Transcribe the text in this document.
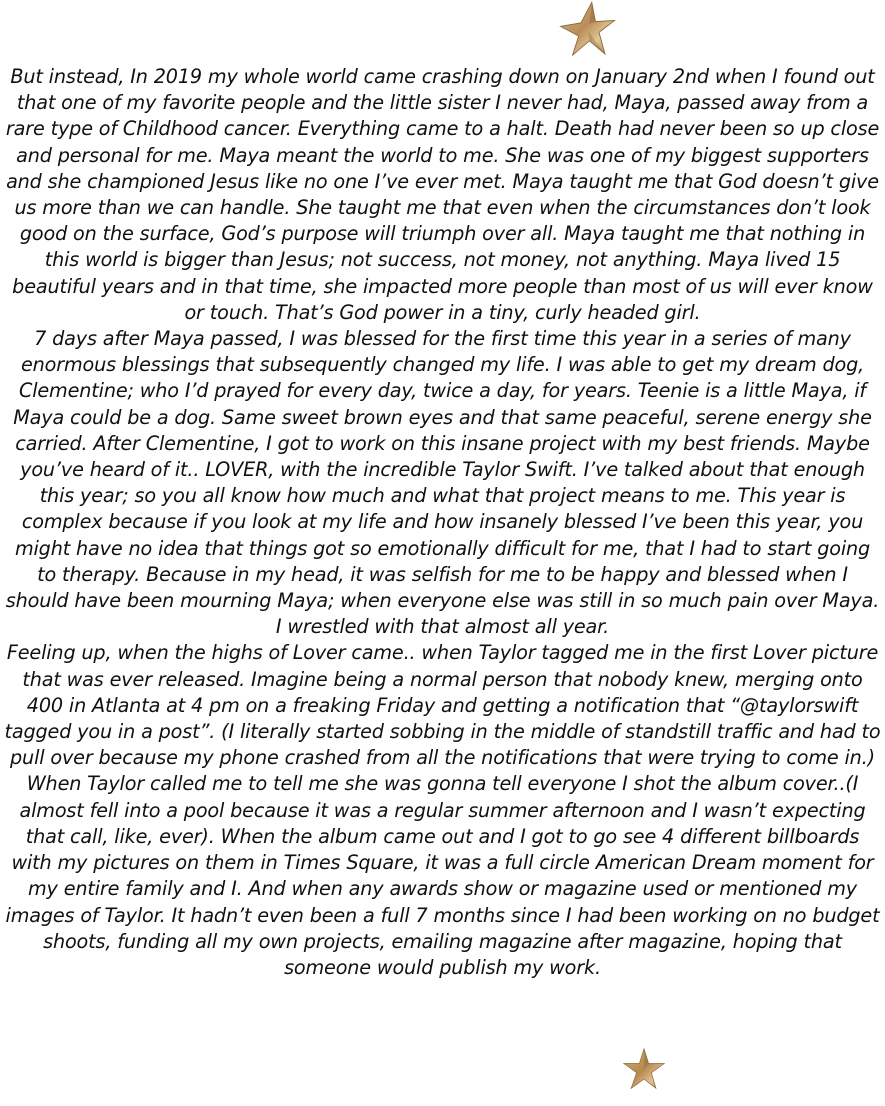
But instead, In 2019 my whole world came crashing down on January 2nd when I found out that one of my favorite people and the little sister I never had, Maya, passed away from a rare type of Childhood cancer. Everything came to a halt. Death had never been so up close and personal for me. Maya meant the world to me. She was one of my biggest supporters and she championed Jesus like no one I’ve ever met. Maya taught me that God doesn’t give us more than we can handle. She taught me that even when the circumstances don’t look good on the surface, God’s purpose will triumph over all. Maya taught me that nothing in this world is bigger than Jesus; not success, not money, not anything. Maya lived 15 beautiful years and in that time, she impacted more people than most of us will ever know or touch. That’s God power in a tiny, curly headed girl.

7 days after Maya passed, I was blessed for the first time this year in a series of many enormous blessings that subsequently changed my life. I was able to get my dream dog, Clementine; who I’d prayed for every day, twice a day, for years. Teenie is a little Maya, if Maya could be a dog. Same sweet brown eyes and that same peaceful, serene energy she carried. After Clementine, I got to work on this insane project with my best friends. Maybe you’ve heard of it.. LOVER, with the incredible Taylor Swift. I’ve talked about that enough this year; so you all know how much and what that project means to me. This year is complex because if you look at my life and how insanely blessed I’ve been this year, you might have no idea that things got so emotionally difficult for me, that I had to start going to therapy. Because in my head, it was selfish for me to be happy and blessed when I should have been mourning Maya; when everyone else was still in so much pain over Maya. I wrestled with that almost all year.

Feeling up, when the highs of Lover came.. when Taylor tagged me in the first Lover picture that was ever released. Imagine being a normal person that nobody knew, merging onto 400 in Atlanta at 4 pm on a freaking Friday and getting a notification that “@taylorswift tagged you in a post”. (I literally started sobbing in the middle of standstill traffic and had to pull over because my phone crashed from all the notifications that were trying to come in.) When Taylor called me to tell me she was gonna tell everyone I shot the album cover..(I almost fell into a pool because it was a regular summer afternoon and I wasn’t expecting that call, like, ever). When the album came out and I got to go see 4 different billboards with my pictures on them in Times Square, it was a full circle American Dream moment for my entire family and I. And when any awards show or magazine used or mentioned my images of Taylor. It hadn’t even been a full 7 months since I had been working on no budget shoots, funding all my own projects, emailing magazine after magazine, hoping that someone would publish my work.
